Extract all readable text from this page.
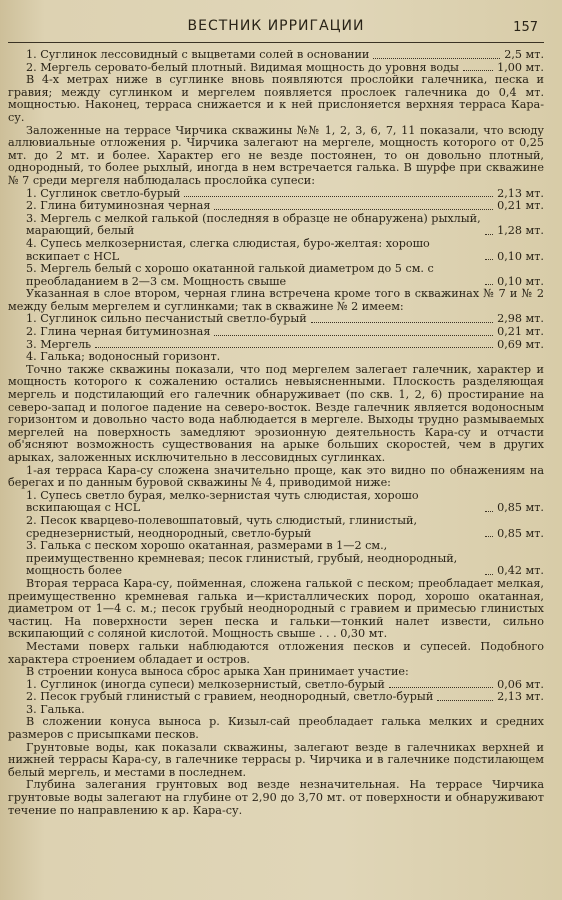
ВЕСТНИК ИРРИГАЦИИ	157
1. Суглинок лессовидный с выцветами солей в основании	2,5 мт.
2. Мергель серовато-белый плотный. Видимая мощность до уровня воды	1,00 мт.

В 4-х метрах ниже в суглинке вновь появляются прослойки галечника, песка и гравия; между суглинком и мергелем появляется прослоек галечника до 0,4 мт. мощностью. Наконец, терраса снижается и к ней прислоняется верхняя терраса Кара-су.

Заложенные на террасе Чирчика скважины №№ 1, 2, 3, 6, 7, 11 показали, что всюду аллювиальные отложения р. Чирчика залегают на мергеле, мощность которого от 0,25 мт. до 2 мт. и более. Характер его не везде постоянен, то он довольно плотный, однородный, то более рыхлый, иногда в нем встречается галька. В шурфе при скважине № 7 среди мергеля наблюдалась прослойка супеси:

1. Суглинок светло-бурый	2,13 мт.
2. Глина битуминозная черная	0,21 мт.
3. Мергель с мелкой галькой (последняя в образце не обнаружена) рыхлый, марающий, белый	1,28 мт.
4. Супесь мелкозернистая, слегка слюдистая, буро-желтая: хорошо вскипает с HCL	0,10 мт.
5. Мергель белый с хорошо окатанной галькой диаметром до 5 см. с преобладанием в 2—3 см. Мощность свыше	0,10 мт.

Указанная в слое втором, черная глина встречена кроме того в скважинах № 7 и № 2 между белым мергелем и суглинками; так в скважине № 2 имеем:

1. Суглинок сильно песчанистый светло-бурый	2,98 мт.
2. Глина черная битуминозная	0,21 мт.
3. Мергель	0,69 мт.
4. Галька; водоносный горизонт.

Точно также скважины показали, что под мергелем залегает галечник, характер и мощность которого к сожалению остались невыясненными. Плоскость разделяющая мергель и подстилающий его галечник обнаруживает (по скв. 1, 2, 6) простирание на северо-запад и пологое падение на северо-восток. Везде галечник является водоносным горизонтом и довольно часто вода наблюдается в мергеле. Выходы трудно размываемых мергелей на поверхность замедляют эрозионную деятельность Кара-су и отчасти об'ясняют возможность существования на арыке больших скоростей, чем в других арыках, заложенных исключительно в лессовидных суглинках.

1-ая терраса Кара-су сложена значительно проще, как это видно по обнажениям на берегах и по данным буровой скважины № 4, приводимой ниже:

1. Супесь светло бурая, мелко-зернистая чуть слюдистая, хорошо вскипающая с HCL	0,85 мт.
2. Песок кварцево-полевошпатовый, чуть слюдистый, глинистый, среднезернистый, неоднородный, светло-бурый	0,85 мт.
3. Галька с песком хорошо окатанная, размерами в 1—2 см., преимущественно кремневая; песок глинистый, грубый, неоднородный, мощность более	0,42 мт.

Вторая терраса Кара-су, пойменная, сложена галькой с песком; преобладает мелкая, преимущественно кремневая галька и—кристаллических пород, хорошо окатанная, диаметром от 1—4 с. м.; песок грубый неоднородный с гравием и примесью глинистых частиц. На поверхности зерен песка и гальки—тонкий налет извести, сильно вскипающий с соляной кислотой. Мощность свыше . . . 0,30 мт.

Местами поверх гальки наблюдаются отложения песков и супесей. Подобного характера строением обладает и остров.

В строении конуса выноса сброс арыка Хан принимает участие:

1. Суглинок (иногда супеси) мелкозернистый, светло-бурый	0,06 мт.
2. Песок грубый глинистый с гравием, неоднородный, светло-бурый	2,13 мт.
3. Галька.

В сложении конуса выноса р. Кизыл-сай преобладает галька мелких и средних размеров с присыпками песков.

Грунтовые воды, как показали скважины, залегают везде в галечниках верхней и нижней террасы Кара-су, в галечнике террасы р. Чирчика и в галечнике подстилающем белый мергель, и местами в последнем.

Глубина залегания грунтовых вод везде незначительная. На террасе Чирчика грунтовые воды залегают на глубине от 2,90 до 3,70 мт. от поверхности и обнаруживают течение по направлению к ар. Кара-су.
